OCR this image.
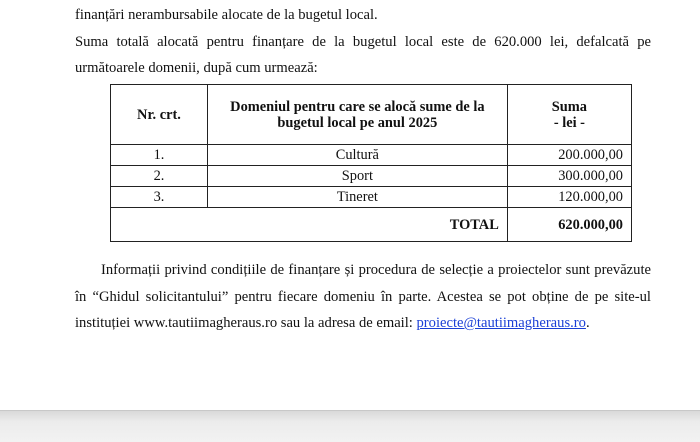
finanțări nerambursabile alocate de la bugetul local.
Suma totală alocată pentru finanțare de la bugetul local este de 620.000 lei, defalcată pe
următoarele domenii, după cum urmează:
Nr. crt.	Domeniul pentru care se alocă sume de la bugetul local pe anul 2025	Suma
- lei -

1.	Cultură	200.000,00
2.	Sport	300.000,00
3.	Tineret	120.000,00
TOTAL		620.000,00
Informații privind condițiile de finanțare și procedura de selecție a proiectelor sunt prevăzute
în “Ghidul solicitantului” pentru fiecare domeniu în parte. Acestea se pot obține de pe site-ul
instituției www.tautiimagheraus.ro sau la adresa de email: proiecte@tautiimagheraus.ro.
